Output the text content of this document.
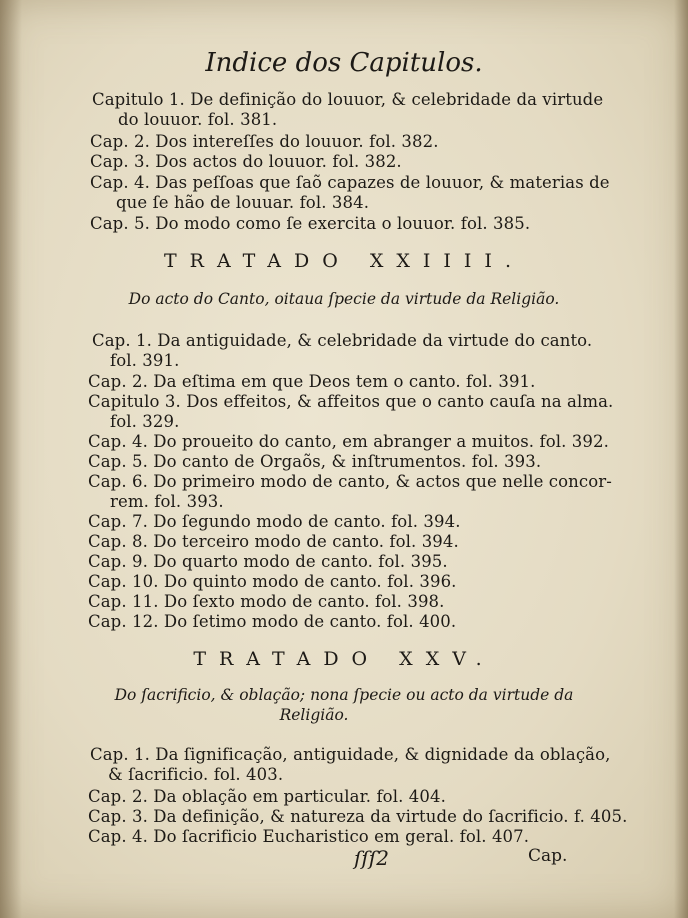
Indice dos Capitulos.
Capitulo 1. De definição do louuor, & celebridade da virtude
do louuor. fol. 381.
Cap. 2. Dos intereſſes do louuor. fol. 382.
Cap. 3. Dos actos do louuor. fol. 382.
Cap. 4. Das peſſoas que ſaõ capazes de louuor, & materias de
que ſe hão de louuar. fol. 384.
Cap. 5. Do modo como ſe exercita o louuor. fol. 385.
TRATADO XXIIII.
Do acto do Canto, oitaua ſpecie da virtude da Religião.
Cap. 1. Da antiguidade, & celebridade da virtude do canto.
fol. 391.
Cap. 2. Da eſtima em que Deos tem o canto. fol. 391.
Capitulo 3. Dos effeitos, & affeitos que o canto cauſa na alma.
fol. 329.
Cap. 4. Do proueito do canto, em abranger a muitos. fol. 392.
Cap. 5. Do canto de Orgaõs, & inſtrumentos. fol. 393.
Cap. 6. Do primeiro modo de canto, & actos que nelle concor-
rem. fol. 393.
Cap. 7. Do ſegundo modo de canto. fol. 394.
Cap. 8. Do terceiro modo de canto. fol. 394.
Cap. 9. Do quarto modo de canto. fol. 395.
Cap. 10. Do quinto modo de canto. fol. 396.
Cap. 11. Do ſexto modo de canto. fol. 398.
Cap. 12. Do ſetimo modo de canto. fol. 400.
TRATADO XXV.
Do ſacrificio, & oblação; nona ſpecie ou acto da virtude da
Religião.
Cap. 1. Da ſignificação, antiguidade, & dignidade da oblação,
& ſacrificio. fol. 403.
Cap. 2. Da oblação em particular. fol. 404.
Cap. 3. Da definição, & natureza da virtude do ſacrificio. f. 405.
Cap. 4. Do ſacrificio Eucharistico em geral. fol. 407.
ſſſ2	Cap.
